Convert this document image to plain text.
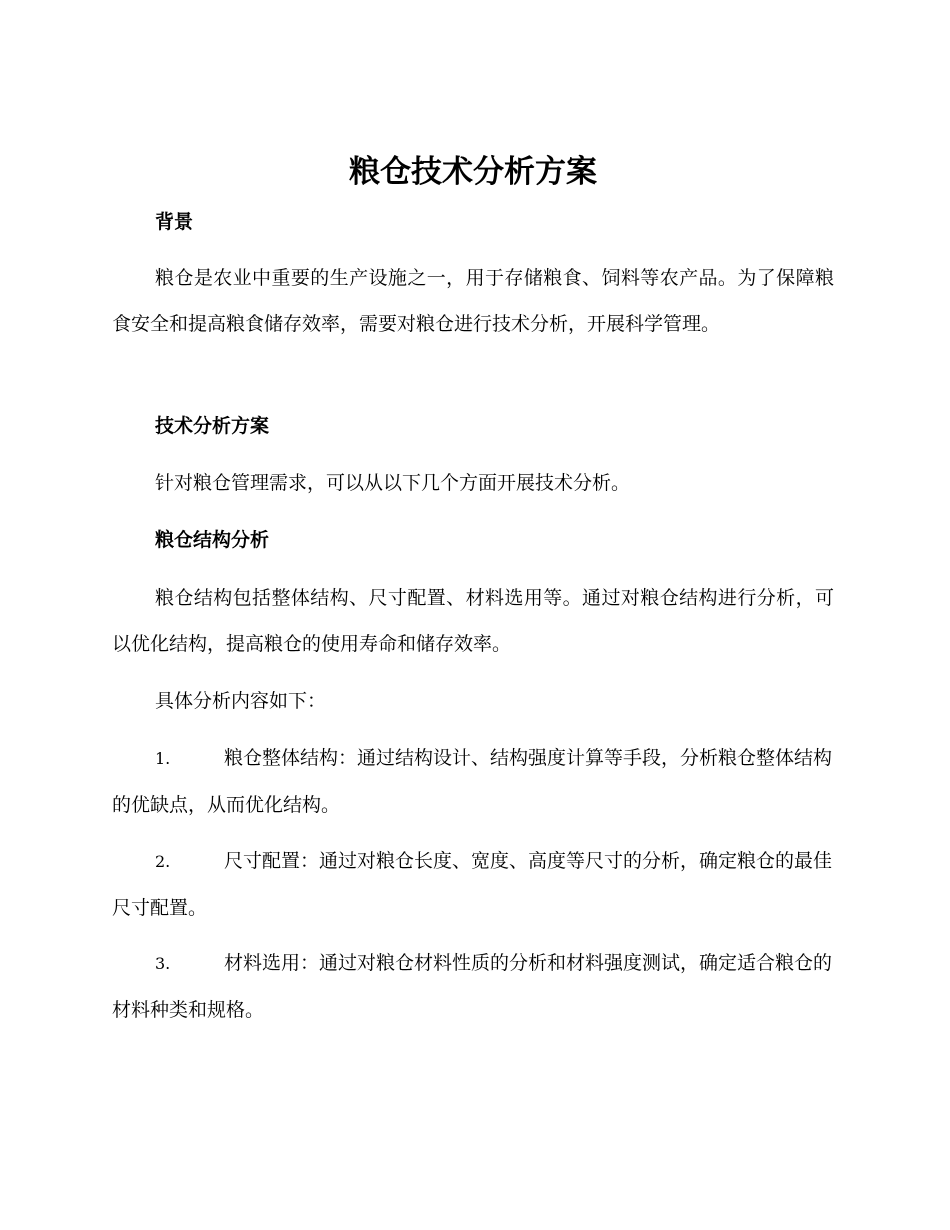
粮仓技术分析方案
背景

粮仓是农业中重要的生产设施之一，用于存储粮食、饲料等农产品。为了保障粮食安全和提高粮食储存效率，需要对粮仓进行技术分析，开展科学管理。

技术分析方案

针对粮仓管理需求，可以从以下几个方面开展技术分析。

粮仓结构分析

粮仓结构包括整体结构、尺寸配置、材料选用等。通过对粮仓结构进行分析，可以优化结构，提高粮仓的使用寿命和储存效率。

具体分析内容如下：

1.	粮仓整体结构：通过结构设计、结构强度计算等手段，分析粮仓整体结构的优缺点，从而优化结构。

2.	尺寸配置：通过对粮仓长度、宽度、高度等尺寸的分析，确定粮仓的最佳尺寸配置。

3.	材料选用：通过对粮仓材料性质的分析和材料强度测试，确定适合粮仓的材料种类和规格。
